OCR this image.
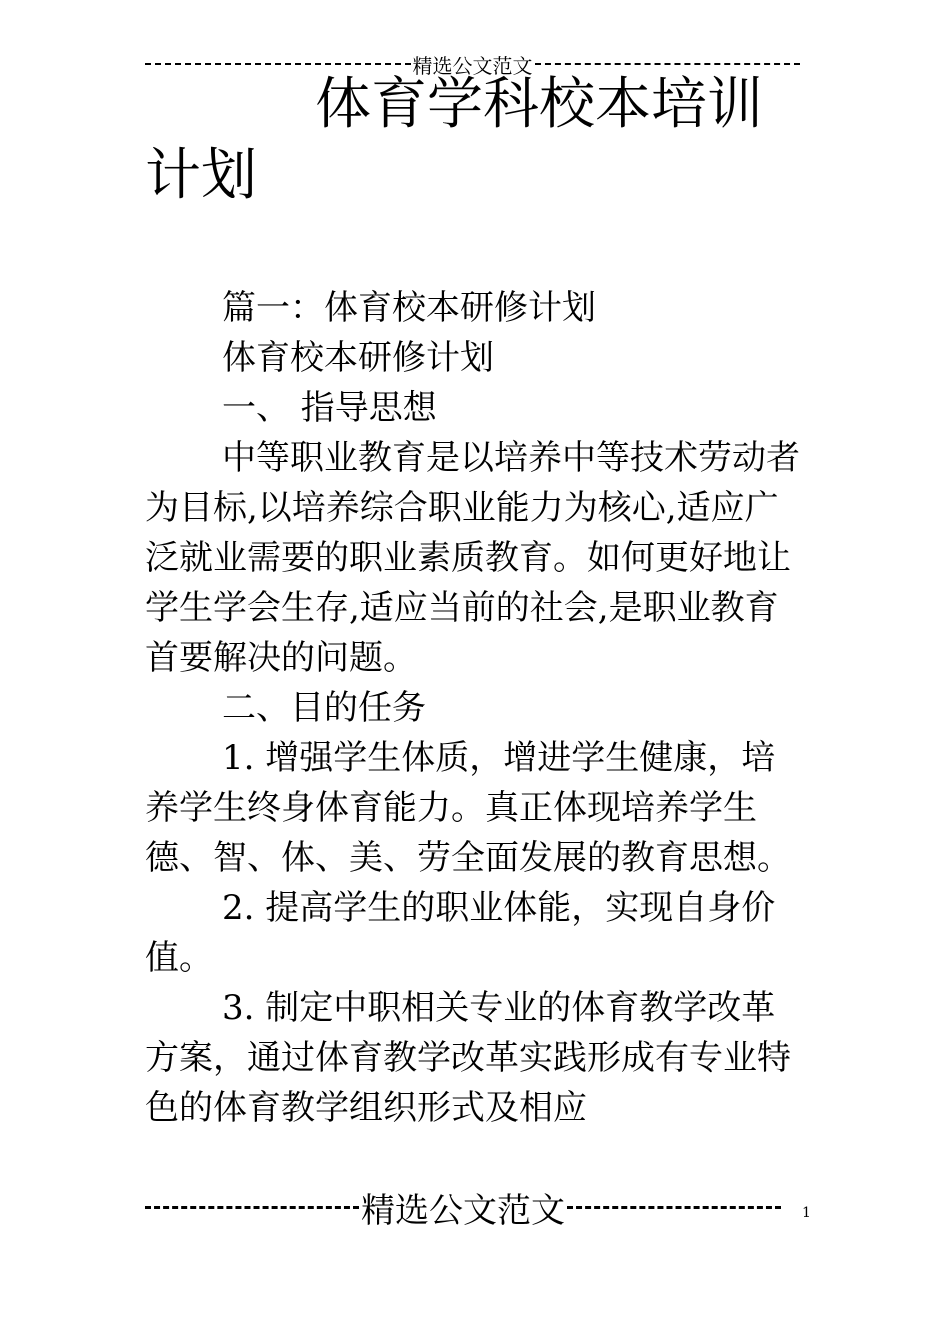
精选公文范文
体育学科校本培训
计划

篇一：体育校本研修计划

体育校本研修计划

一、 指导思想

中等职业教育是以培养中等技术劳动者为目标,以培养综合职业能力为核心,适应广泛就业需要的职业素质教育。如何更好地让学生学会生存,适应当前的社会,是职业教育首要解决的问题。

二、目的任务

1. 增强学生体质，增进学生健康，培养学生终身体育能力。真正体现培养学生德、智、体、美、劳全面发展的教育思想。

2. 提高学生的职业体能，实现自身价值。

3. 制定中职相关专业的体育教学改革方案，通过体育教学改革实践形成有专业特色的体育教学组织形式及相应

精选公文范文	1
